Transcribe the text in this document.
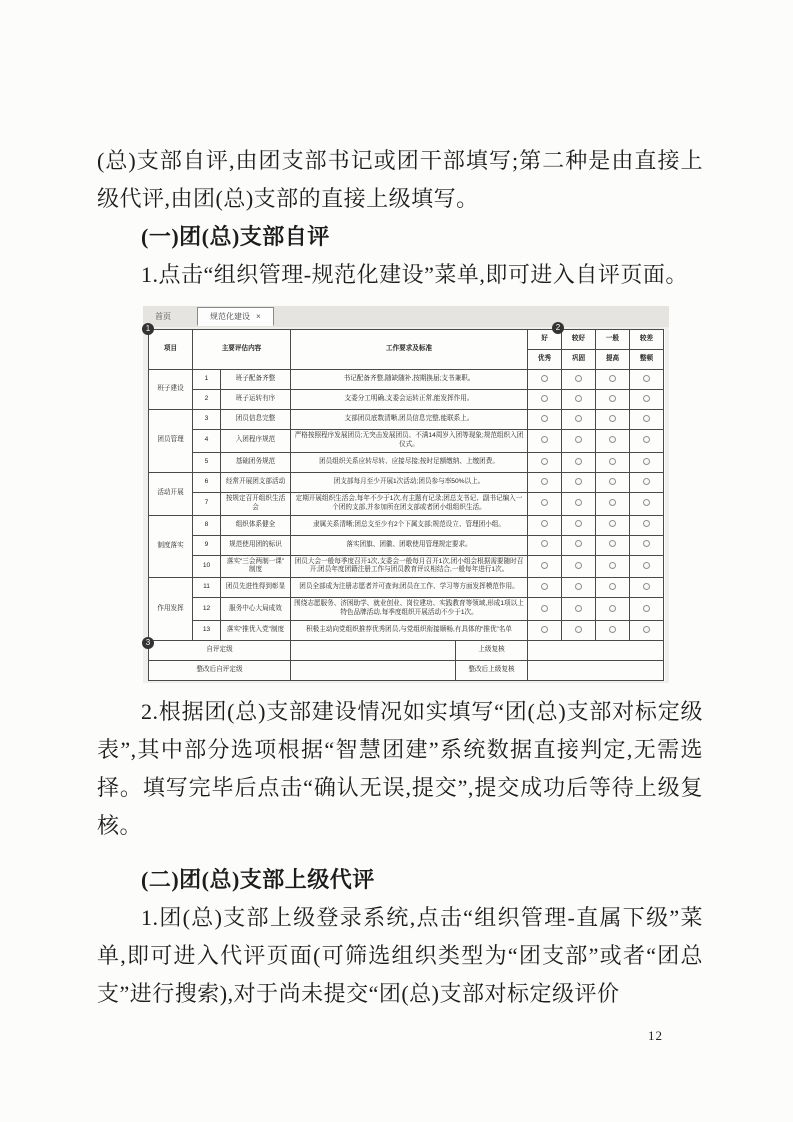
(总)支部自评,由团支部书记或团干部填写;第二种是由直接上级代评,由团(总)支部的直接上级填写。

(一)团(总)支部自评

1.点击“组织管理-规范化建设”菜单,即可进入自评页面。

首页	规范化建设 ×
1	2
3
项目	主要评估内容		工作要求及标准		好	较好	一般	较差
					优秀	巩固	提高	整顿
班子建设	1	班子配备齐整	书记配备齐整,随缺随补,按期换届;支书兼职。					
	2	班子运转有序	支委分工明确,支委会运转正常,能发挥作用。					
团员管理	3	团员信息完整	支部团员底数清晰,团员信息完整,能联系上。					
	4	入团程序规范	严格按照程序发展团员;无突击发展团员、不满14周岁入团等现象;规范组织入团仪式。					
	5	基础团务规范	团员组织关系应转尽转、应接尽接;按时足额缴纳、上缴团费。					
活动开展	6	经常开展团支部活动	团支部每月至少开展1次活动;团员参与率50%以上。					
	7	按规定召开组织生活会	定期开展组织生活会,每年不少于1次,有主题有记录;团总支书记、副书记编入一个团的支部,并参加所在团支部或者团小组组织生活。					
制度落实	8	组织体系健全	隶属关系清晰;团总支至少有2个下属支部;规范设立、管理团小组。					
	9	规范使用团的标识	落实团旗、团徽、团歌使用管理规定要求。					
	10	落实“三会两制一课”制度	团员大会一般每季度召开1次,支委会一般每月召开1次,团小组会根据需要随时召开;团员年度团籍注册工作与团员教育评议相结合,一般每年进行1次。					
作用发挥	11	团员先进性得到彰显	团员全部成为注册志愿者并可查询;团员在工作、学习等方面发挥模范作用。					
	12	服务中心大局成效	围绕志愿服务、济困助学、就业创业、岗位建功、实践教育等领域,形成1项以上特色品牌活动,每季度组织开展活动不少于1次。					
	13	落实“推优入党”制度	积极主动向党组织推荐优秀团员,与党组织衔接顺畅,有具体的“推优”名单					
自评定级				上级复核				
整改后自评定级				整改后上级复核				

2.根据团(总)支部建设情况如实填写“团(总)支部对标定级表”,其中部分选项根据“智慧团建”系统数据直接判定,无需选择。填写完毕后点击“确认无误,提交”,提交成功后等待上级复核。

(二)团(总)支部上级代评

1.团(总)支部上级登录系统,点击“组织管理-直属下级”菜单,即可进入代评页面(可筛选组织类型为“团支部”或者“团总支”进行搜索),对于尚未提交“团(总)支部对标定级评价

12
